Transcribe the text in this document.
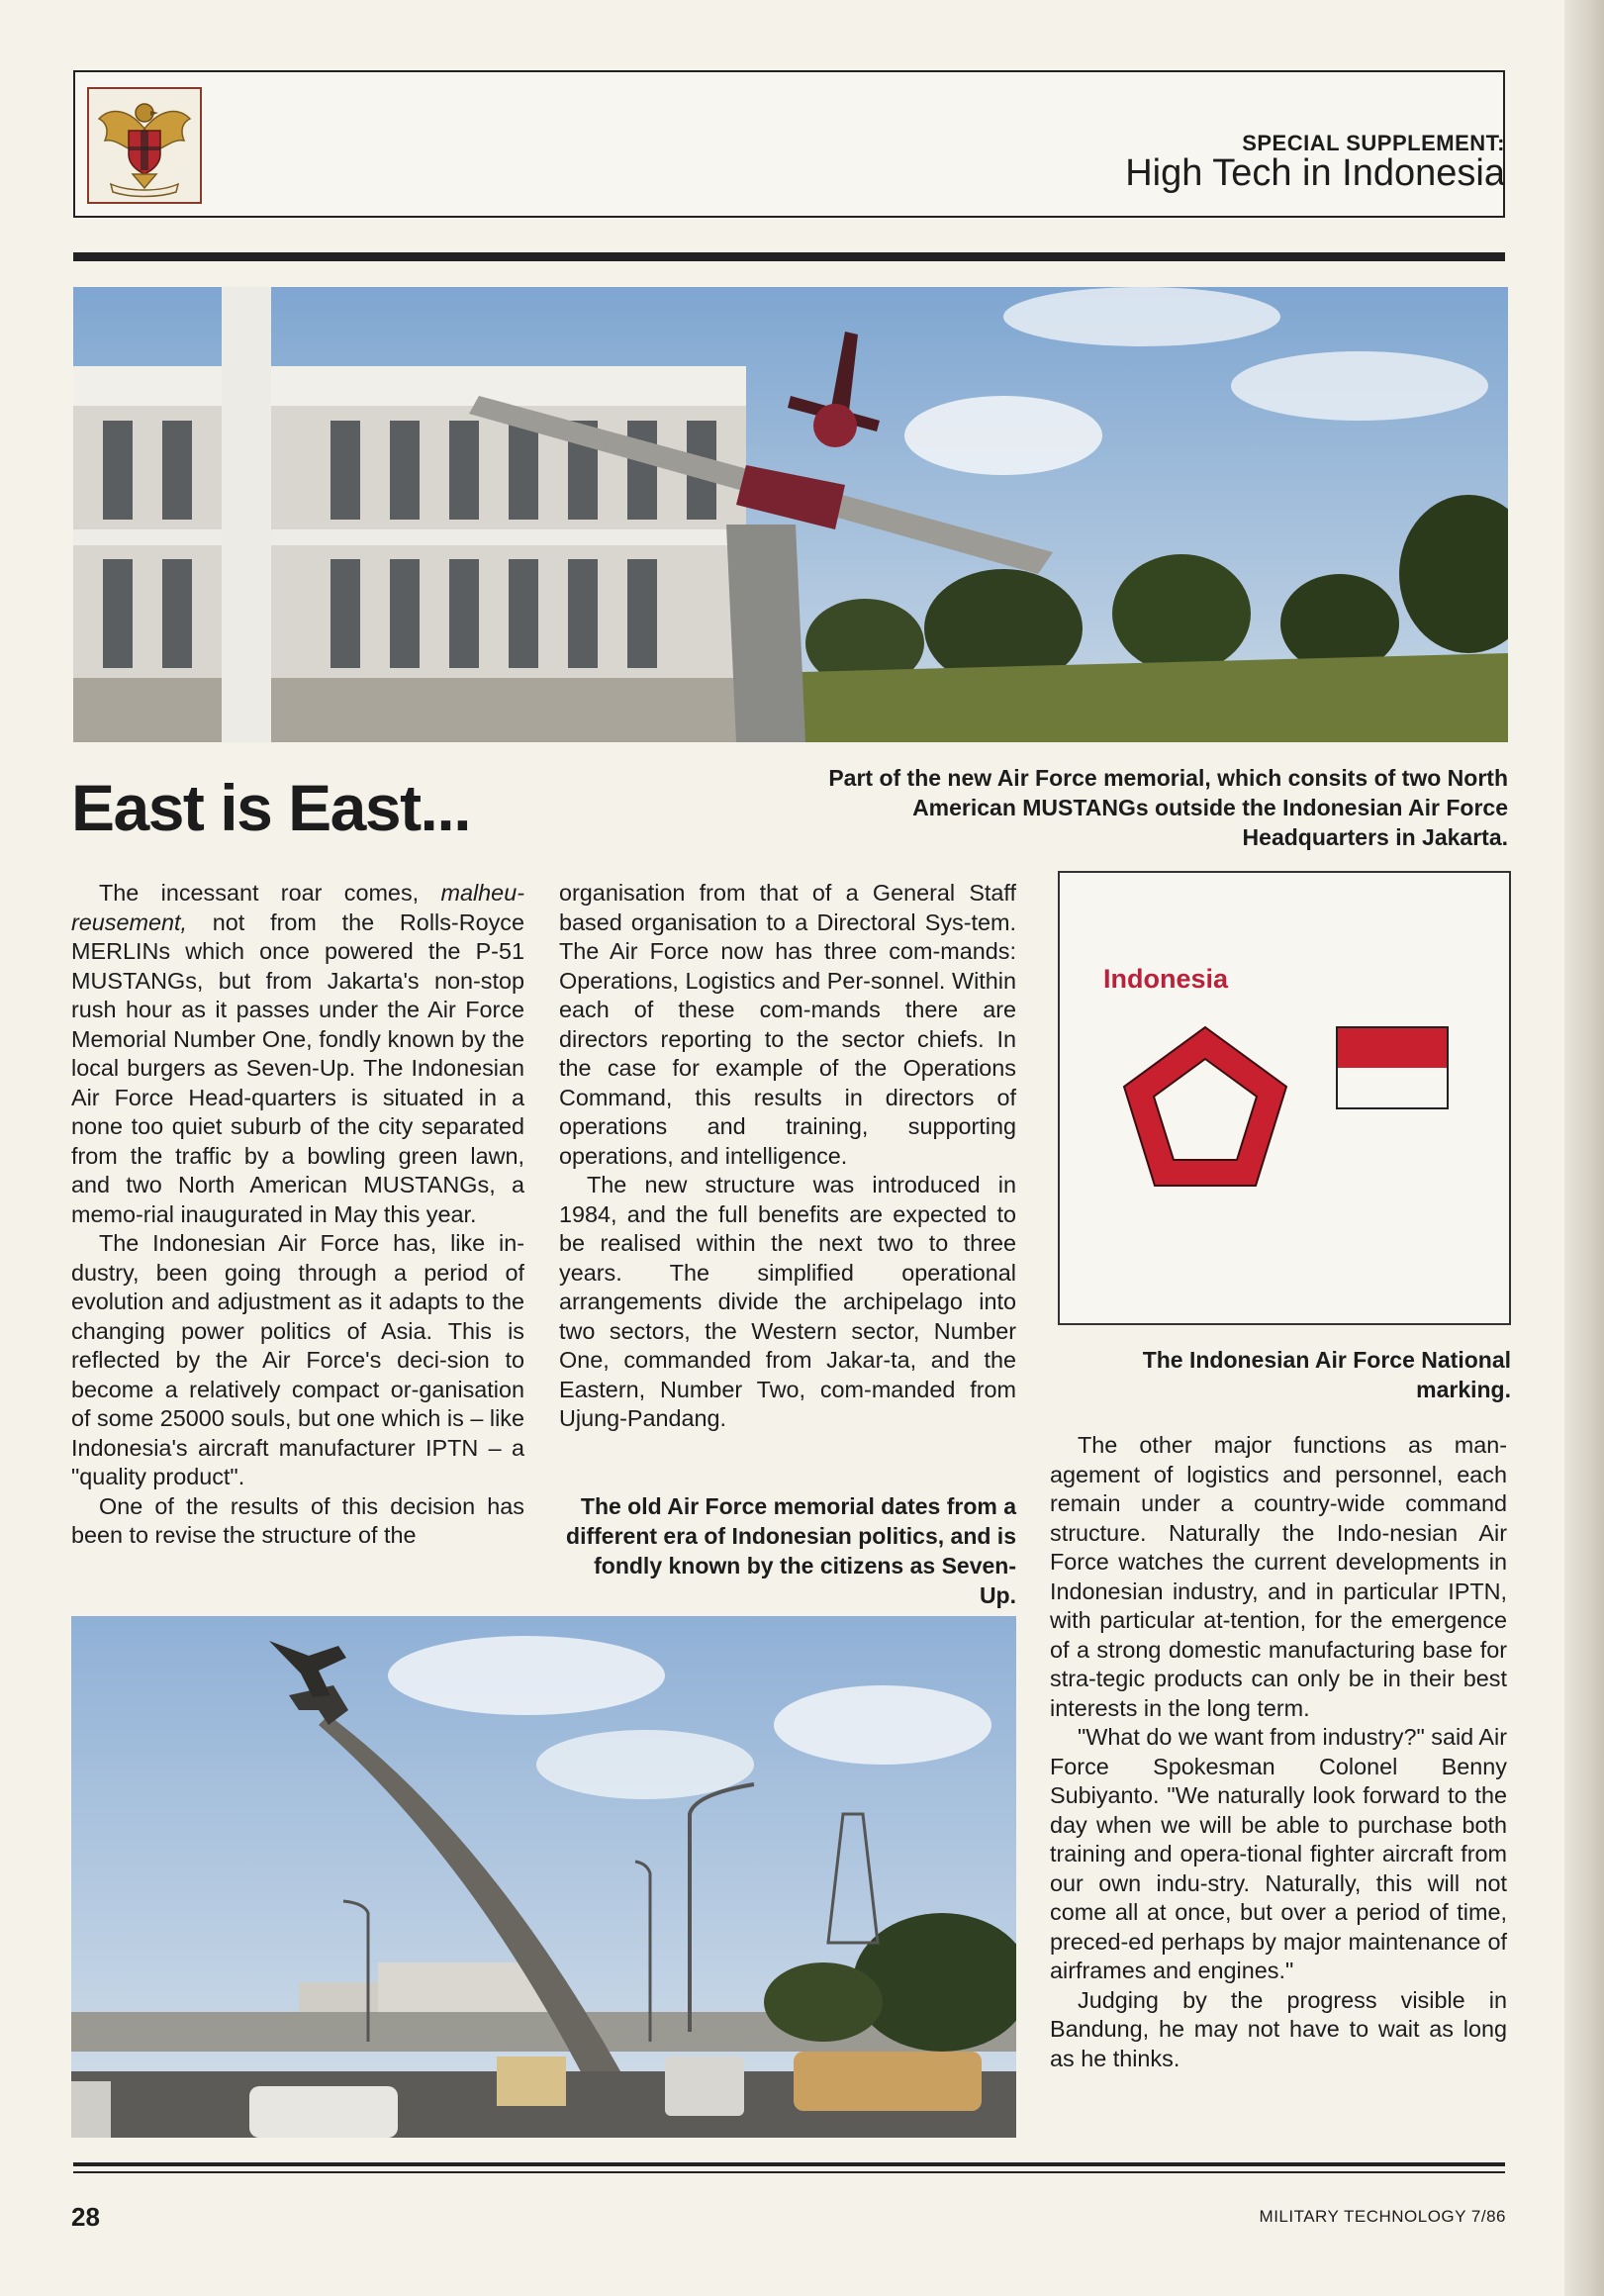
SPECIAL SUPPLEMENT:
High Tech in Indonesia
East is East...	Part of the new Air Force memorial, which consits of two North American MUSTANGs outside the Indonesian Air Force Headquarters in Jakarta.

The incessant roar comes, malheu-reusement, not from the Rolls-Royce MERLINs which once powered the P-51 MUSTANGs, but from Jakarta's non-stop rush hour as it passes under the Air Force Memorial Number One, fondly known by the local burgers as Seven-Up. The Indonesian Air Force Head-quarters is situated in a none too quiet suburb of the city separated from the traffic by a bowling green lawn, and two North American MUSTANGs, a memo-rial inaugurated in May this year.

The Indonesian Air Force has, like in-dustry, been going through a period of evolution and adjustment as it adapts to the changing power politics of Asia. This is reflected by the Air Force's deci-sion to become a relatively compact or-ganisation of some 25000 souls, but one which is – like Indonesia's aircraft manufacturer IPTN – a "quality product".

One of the results of this decision has been to revise the structure of the

organisation from that of a General Staff based organisation to a Directoral Sys-tem. The Air Force now has three com-mands: Operations, Logistics and Per-sonnel. Within each of these com-mands there are directors reporting to the sector chiefs. In the case for example of the Operations Command, this results in directors of operations and training, supporting operations, and intelligence.

The new structure was introduced in 1984, and the full benefits are expected to be realised within the next two to three years. The simplified operational arrangements divide the archipelago into two sectors, the Western sector, Number One, commanded from Jakar-ta, and the Eastern, Number Two, com-manded from Ujung-Pandang.

The old Air Force memorial dates from a different era of Indonesian politics, and is fondly known by the citizens as Seven-Up.
Indonesia
The Indonesian Air Force National marking.

The other major functions as man-agement of logistics and personnel, each remain under a country-wide command structure. Naturally the Indo-nesian Air Force watches the current developments in Indonesian industry, and in particular IPTN, with particular at-tention, for the emergence of a strong domestic manufacturing base for stra-tegic products can only be in their best interests in the long term.

"What do we want from industry?" said Air Force Spokesman Colonel Benny Subiyanto. "We naturally look forward to the day when we will be able to purchase both training and opera-tional fighter aircraft from our own indu-stry. Naturally, this will not come all at once, but over a period of time, preced-ed perhaps by major maintenance of airframes and engines."

Judging by the progress visible in Bandung, he may not have to wait as long as he thinks.

28	MILITARY TECHNOLOGY 7/86
